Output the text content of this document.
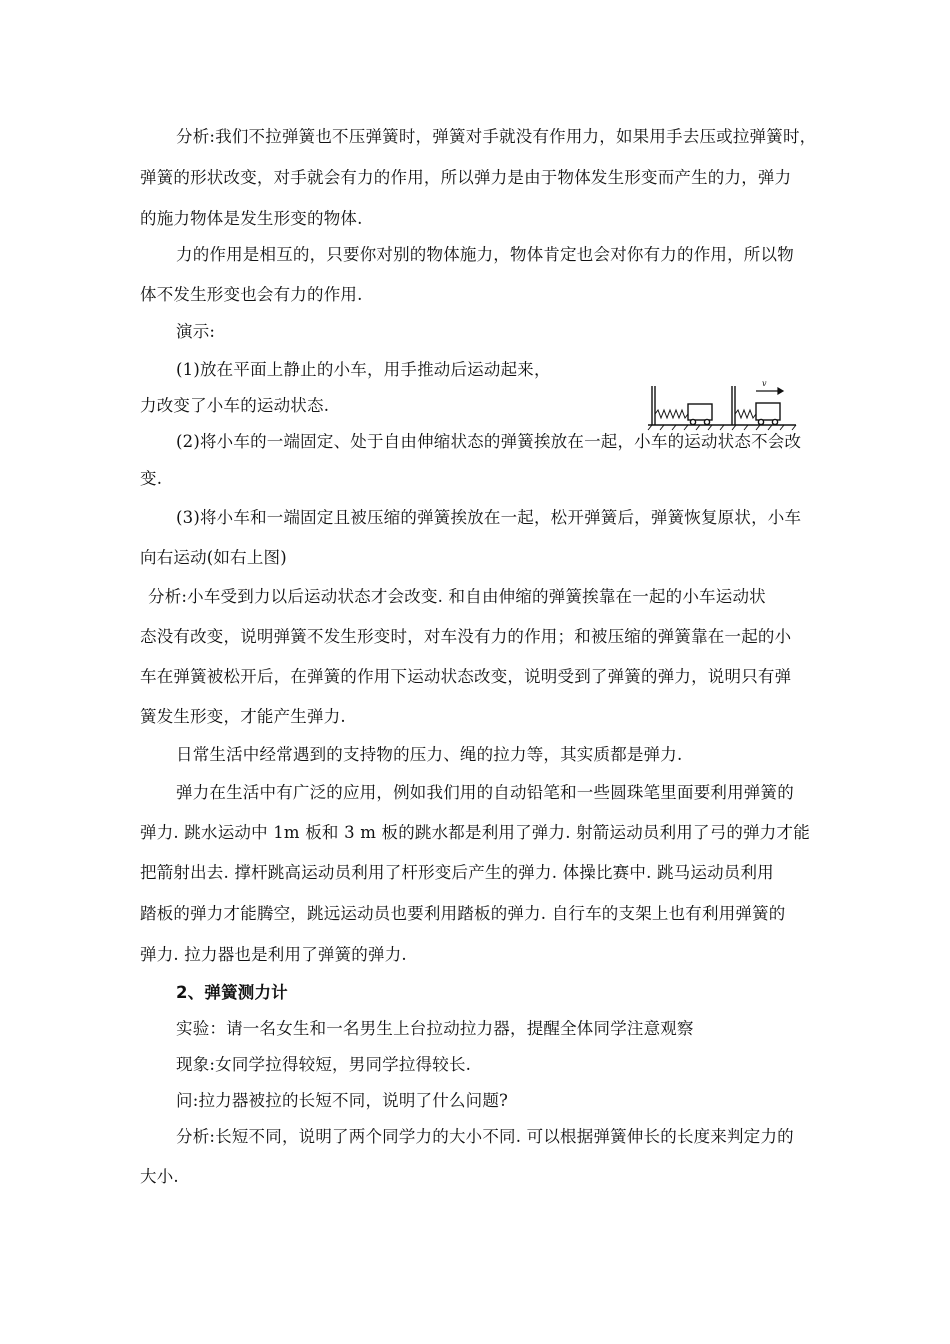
分析:我们不拉弹簧也不压弹簧时，弹簧对手就没有作用力，如果用手去压或拉弹簧时，
弹簧的形状改变，对手就会有力的作用，所以弹力是由于物体发生形变而产生的力，弹力
的施力物体是发生形变的物体.
力的作用是相互的，只要你对别的物体施力，物体肯定也会对你有力的作用，所以物
体不发生形变也会有力的作用.
演示:
(1)放在平面上静止的小车，用手推动后运动起来，
力改变了小车的运动状态.
v
(2)将小车的一端固定、处于自由伸缩状态的弹簧挨放在一起，小车的运动状态不会改
变.
(3)将小车和一端固定且被压缩的弹簧挨放在一起，松开弹簧后，弹簧恢复原状，小车
向右运动(如右上图)
分析:小车受到力以后运动状态才会改变. 和自由伸缩的弹簧挨靠在一起的小车运动状
态没有改变，说明弹簧不发生形变时，对车没有力的作用；和被压缩的弹簧靠在一起的小
车在弹簧被松开后，在弹簧的作用下运动状态改变，说明受到了弹簧的弹力，说明只有弹
簧发生形变，才能产生弹力.
日常生活中经常遇到的支持物的压力、绳的拉力等，其实质都是弹力.
弹力在生活中有广泛的应用，例如我们用的自动铅笔和一些圆珠笔里面要利用弹簧的
弹力. 跳水运动中 1m 板和 3 m 板的跳水都是利用了弹力. 射箭运动员利用了弓的弹力才能
把箭射出去. 撑杆跳高运动员利用了杆形变后产生的弹力. 体操比赛中. 跳马运动员利用
踏板的弹力才能腾空，跳远运动员也要利用踏板的弹力. 自行车的支架上也有利用弹簧的
弹力. 拉力器也是利用了弹簧的弹力.
2、弹簧测力计
实验：请一名女生和一名男生上台拉动拉力器，提醒全体同学注意观察
现象:女同学拉得较短，男同学拉得较长.
问:拉力器被拉的长短不同，说明了什么问题?
分析:长短不同，说明了两个同学力的大小不同. 可以根据弹簧伸长的长度来判定力的
大小.
